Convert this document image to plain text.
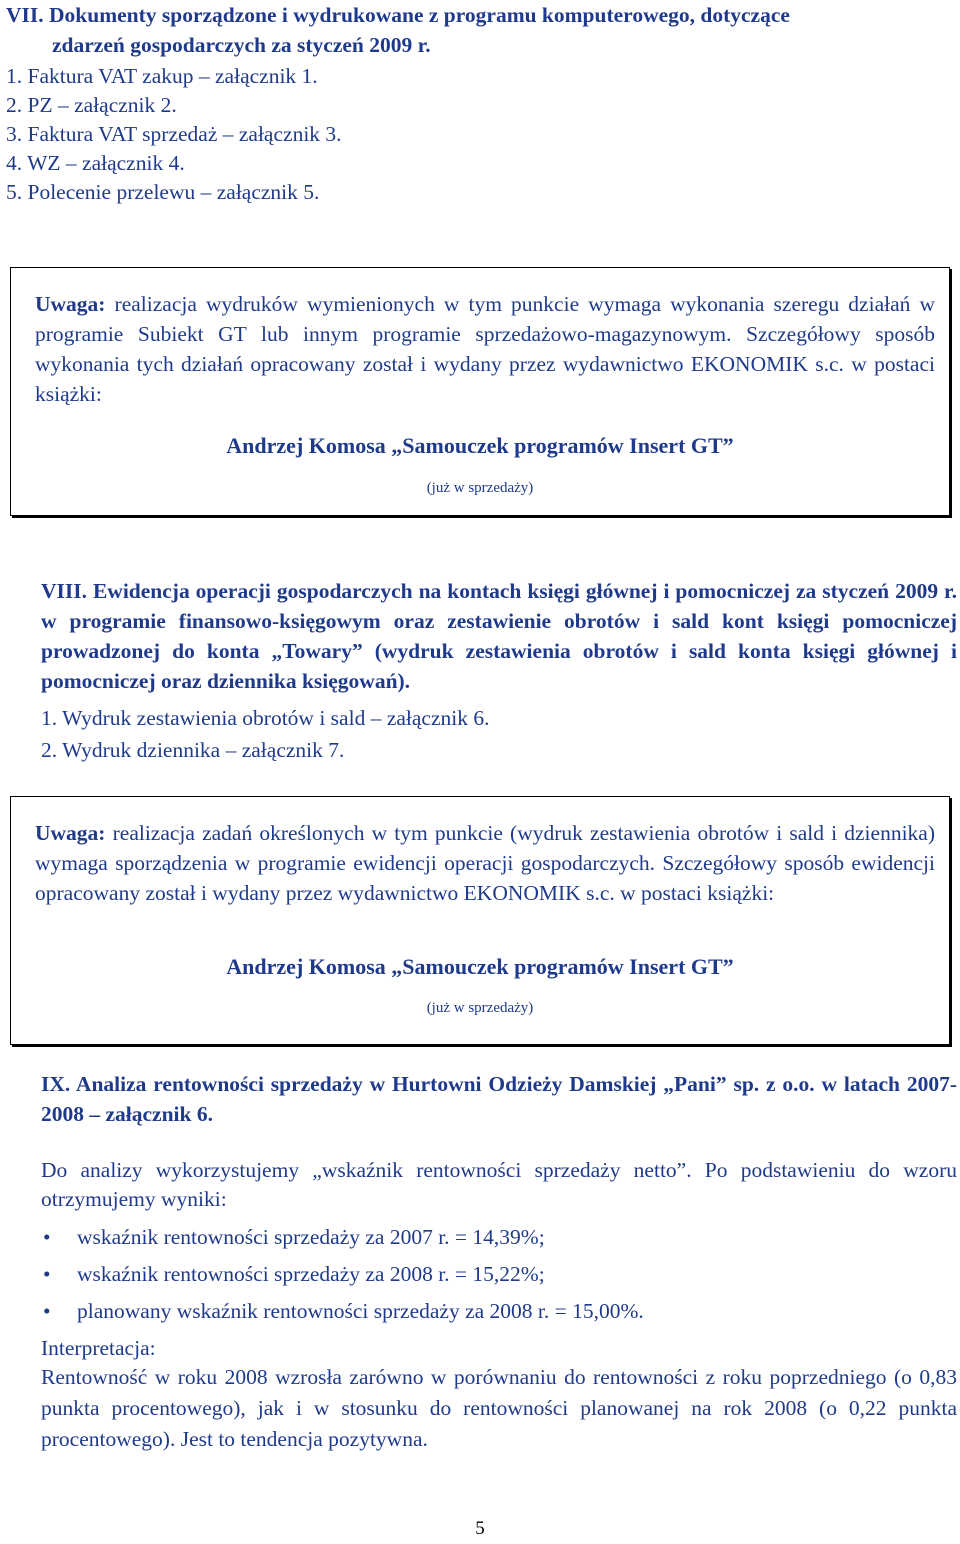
VII. Dokumenty sporządzone i wydrukowane z programu komputerowego, dotyczące
zdarzeń gospodarczych za styczeń 2009 r.
1. Faktura VAT zakup – załącznik 1.
2. PZ – załącznik 2.
3. Faktura VAT sprzedaż – załącznik 3.
4. WZ – załącznik 4.
5. Polecenie przelewu – załącznik 5.

Uwaga: realizacja wydruków wymienionych w tym punkcie wymaga wykonania szeregu działań w programie Subiekt GT lub innym programie sprzedażowo-magazynowym. Szczegółowy sposób wykonania tych działań opracowany został i wydany przez wydawnictwo EKONOMIK s.c. w postaci książki:

Andrzej Komosa „Samouczek programów Insert GT”
(już w sprzedaży)
VIII. Ewidencja operacji gospodarczych na kontach księgi głównej i pomocniczej za styczeń 2009 r. w programie finansowo-księgowym oraz zestawienie obrotów i sald kont księgi pomocniczej prowadzonej do konta „Towary” (wydruk zestawienia obrotów i sald konta księgi głównej i pomocniczej oraz dziennika księgowań).
1. Wydruk zestawienia obrotów i sald – załącznik 6.
2. Wydruk dziennika – załącznik 7.

Uwaga: realizacja zadań określonych w tym punkcie (wydruk zestawienia obrotów i sald i dziennika) wymaga sporządzenia w programie ewidencji operacji gospodarczych. Szczegółowy sposób ewidencji opracowany został i wydany przez wydawnictwo EKONOMIK s.c. w postaci książki:

Andrzej Komosa „Samouczek programów Insert GT”
(już w sprzedaży)
IX. Analiza rentowności sprzedaży w Hurtowni Odzieży Damskiej „Pani” sp. z o.o. w latach 2007-2008 – załącznik 6.

Do analizy wykorzystujemy „wskaźnik rentowności sprzedaży netto”. Po podstawieniu do wzoru otrzymujemy wyniki:

• wskaźnik rentowności sprzedaży za 2007 r. = 14,39%;
• wskaźnik rentowności sprzedaży za 2008 r. = 15,22%;
• planowany wskaźnik rentowności sprzedaży za 2008 r. = 15,00%.
Interpretacja:

Rentowność w roku 2008 wzrosła zarówno w porównaniu do rentowności z roku poprzedniego (o 0,83 punkta procentowego), jak i w stosunku do rentowności planowanej na rok 2008 (o 0,22 punkta procentowego). Jest to tendencja pozytywna.

5
